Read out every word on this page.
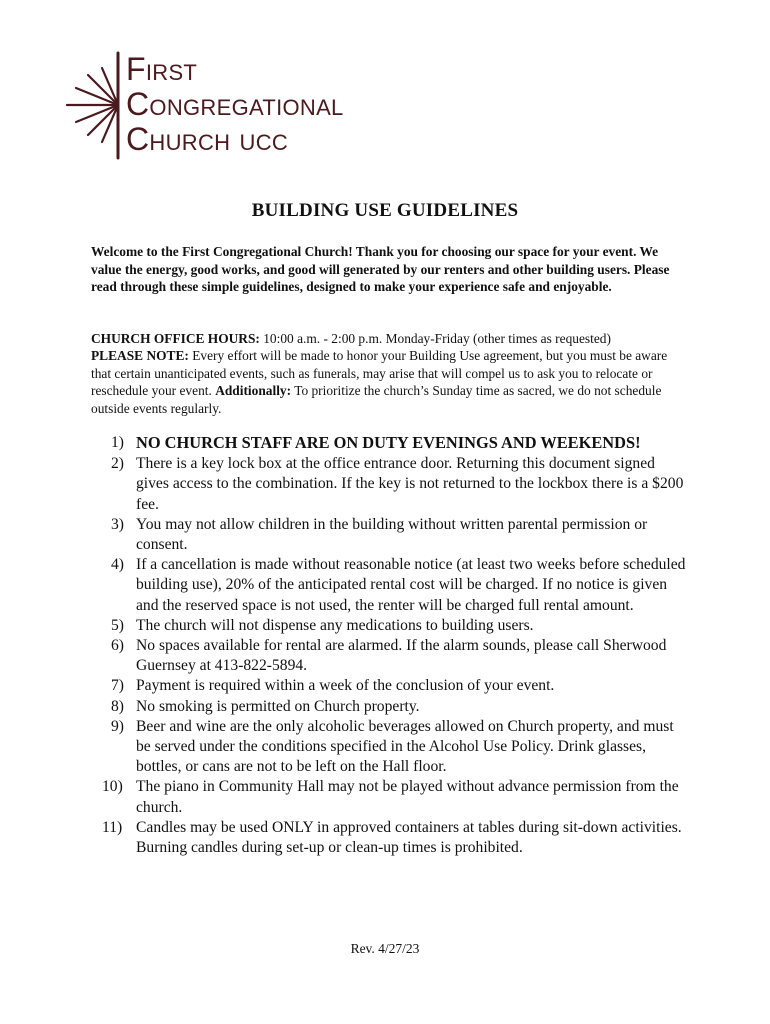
First
Congregational
Church ucc
BUILDING USE GUIDELINES
Welcome to the First Congregational Church! Thank you for choosing our space for your event. We value the energy, good works, and good will generated by our renters and other building users. Please read through these simple guidelines, designed to make your experience safe and enjoyable.
CHURCH OFFICE HOURS: 10:00 a.m. - 2:00 p.m. Monday-Friday (other times as requested)
PLEASE NOTE: Every effort will be made to honor your Building Use agreement, but you must be aware that certain unanticipated events, such as funerals, may arise that will compel us to ask you to relocate or reschedule your event. Additionally: To prioritize the church’s Sunday time as sacred, we do not schedule outside events regularly.
1) NO CHURCH STAFF ARE ON DUTY EVENINGS AND WEEKENDS!
2) There is a key lock box at the office entrance door. Returning this document signed gives access to the combination. If the key is not returned to the lockbox there is a $200 fee.
3) You may not allow children in the building without written parental permission or consent.
4) If a cancellation is made without reasonable notice (at least two weeks before scheduled building use), 20% of the anticipated rental cost will be charged. If no notice is given and the reserved space is not used, the renter will be charged full rental amount.
5) The church will not dispense any medications to building users.
6) No spaces available for rental are alarmed. If the alarm sounds, please call Sherwood Guernsey at 413-822-5894.
7) Payment is required within a week of the conclusion of your event.
8) No smoking is permitted on Church property.
9) Beer and wine are the only alcoholic beverages allowed on Church property, and must be served under the conditions specified in the Alcohol Use Policy. Drink glasses, bottles, or cans are not to be left on the Hall floor.
10) The piano in Community Hall may not be played without advance permission from the church.
11) Candles may be used ONLY in approved containers at tables during sit-down activities. Burning candles during set-up or clean-up times is prohibited.
Rev. 4/27/23
